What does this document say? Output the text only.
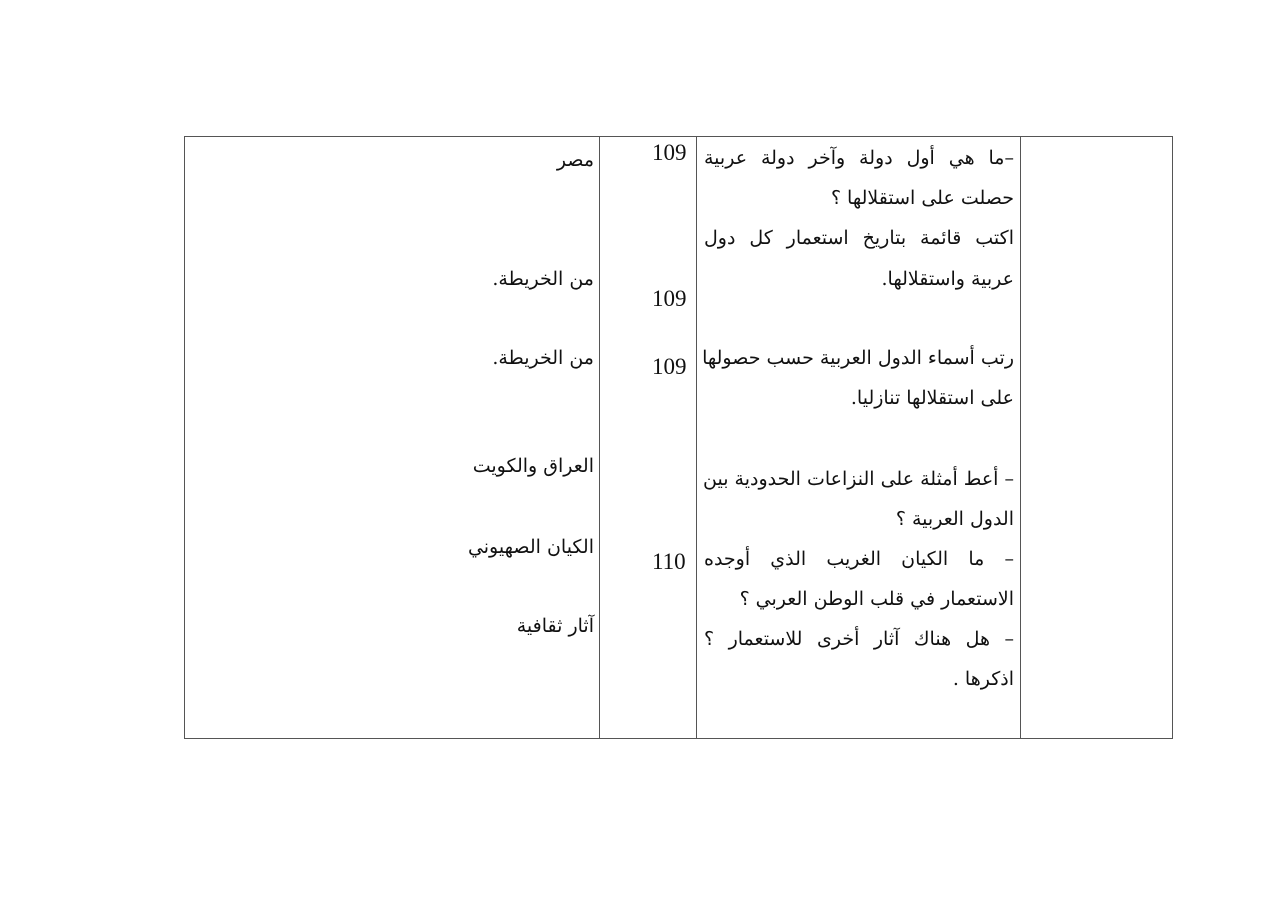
–ما هي أول دولة وآخر دولة عربية
حصلت على استقلالها ؟
اكتب قائمة بتاريخ استعمار كل دول
عربية واستقلالها.
رتب أسماء الدول العربية حسب حصولها
على استقلالها تنازليا.
– أعط أمثلة على النزاعات الحدودية بين
الدول العربية ؟
– ما الكيان الغريب الذي أوجده
الاستعمار في قلب الوطن العربي ؟
– هل هناك آثار أخرى للاستعمار ؟
اذكرها .
109
109
109
110
مصر
من الخريطة.
من الخريطة.
العراق والكويت
الكيان الصهيوني
آثار ثقافية
